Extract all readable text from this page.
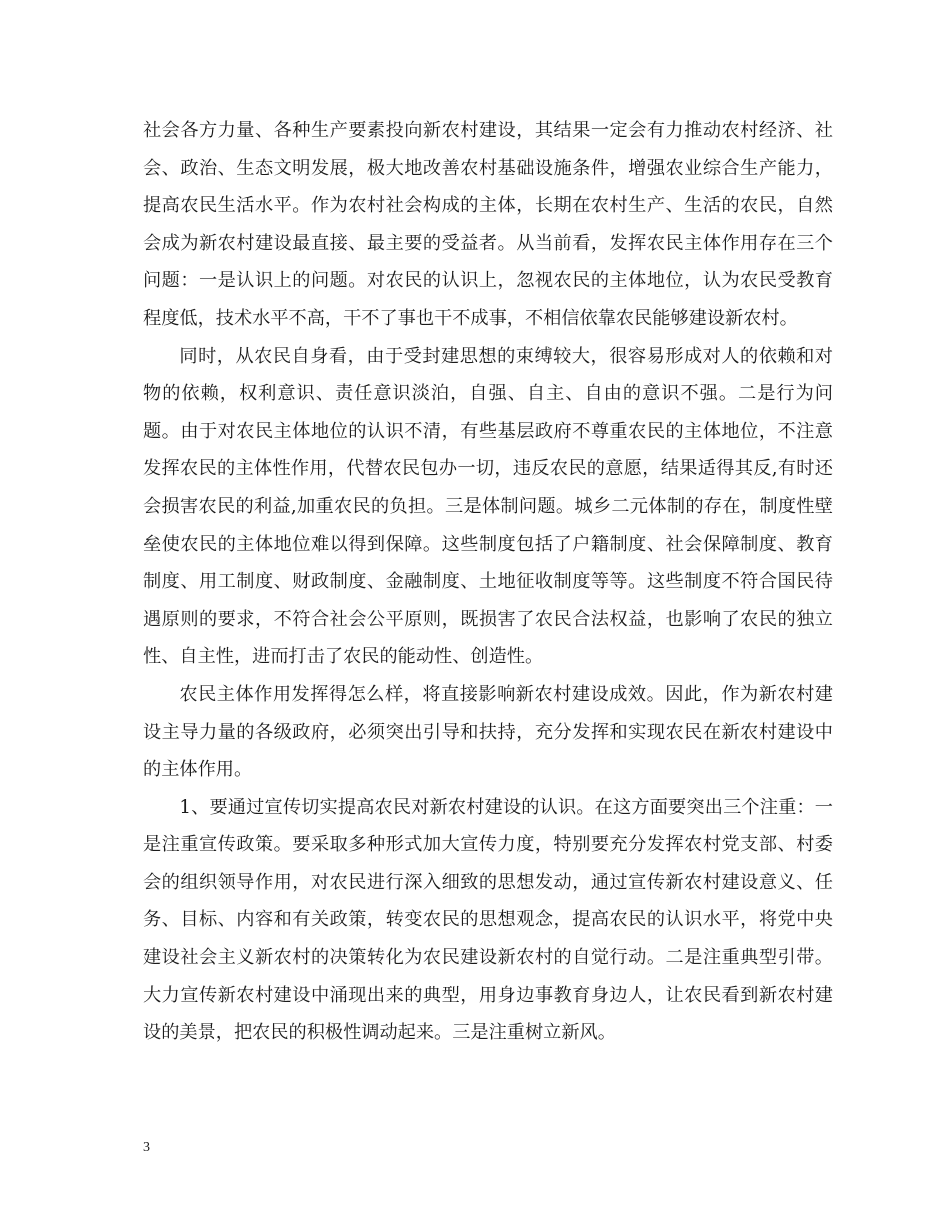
社会各方力量、各种生产要素投向新农村建设，其结果一定会有力推动农村经济、社会、政治、生态文明发展，极大地改善农村基础设施条件，增强农业综合生产能力，提高农民生活水平。作为农村社会构成的主体，长期在农村生产、生活的农民，自然会成为新农村建设最直接、最主要的受益者。从当前看，发挥农民主体作用存在三个问题：一是认识上的问题。对农民的认识上，忽视农民的主体地位，认为农民受教育程度低，技术水平不高，干不了事也干不成事，不相信依靠农民能够建设新农村。

同时，从农民自身看，由于受封建思想的束缚较大，很容易形成对人的依赖和对物的依赖，权利意识、责任意识淡泊，自强、自主、自由的意识不强。二是行为问题。由于对农民主体地位的认识不清，有些基层政府不尊重农民的主体地位，不注意发挥农民的主体性作用，代替农民包办一切，违反农民的意愿，结果适得其反,有时还会损害农民的利益,加重农民的负担。三是体制问题。城乡二元体制的存在，制度性壁垒使农民的主体地位难以得到保障。这些制度包括了户籍制度、社会保障制度、教育制度、用工制度、财政制度、金融制度、土地征收制度等等。这些制度不符合国民待遇原则的要求，不符合社会公平原则，既损害了农民合法权益，也影响了农民的独立性、自主性，进而打击了农民的能动性、创造性。

农民主体作用发挥得怎么样，将直接影响新农村建设成效。因此，作为新农村建设主导力量的各级政府，必须突出引导和扶持，充分发挥和实现农民在新农村建设中的主体作用。

1、要通过宣传切实提高农民对新农村建设的认识。在这方面要突出三个注重：一是注重宣传政策。要采取多种形式加大宣传力度，特别要充分发挥农村党支部、村委会的组织领导作用，对农民进行深入细致的思想发动，通过宣传新农村建设意义、任务、目标、内容和有关政策，转变农民的思想观念，提高农民的认识水平，将党中央建设社会主义新农村的决策转化为农民建设新农村的自觉行动。二是注重典型引带。大力宣传新农村建设中涌现出来的典型，用身边事教育身边人，让农民看到新农村建设的美景，把农民的积极性调动起来。三是注重树立新风。

3
